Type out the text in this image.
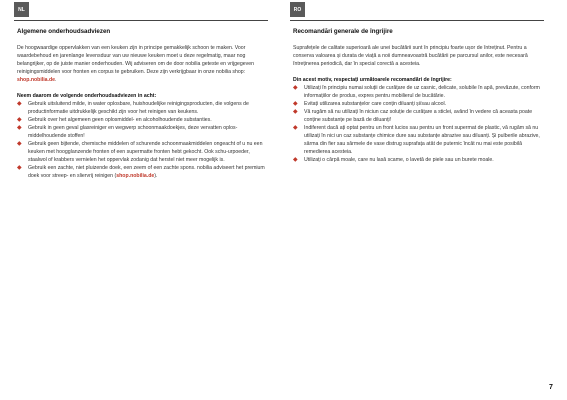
NL
Algemene onderhoudsadviezen
De hoogwaardige oppervlakken van een keuken zijn in principe gemakkelijk schoon te maken. Voor waardebehoud en jarenlange levensduur van uw nieuwe keuken moet u deze regelmatig, maar nog belangrijker, op de juiste manier onderhouden. Wij adviseren om de door nobilia geteste en vrijgegeven reinigingsmiddelen voor fronten en corpus te gebruiken. Deze zijn verkrijgbaar in onze nobilia shop: shop.nobilia.de.
Neem daarom de volgende onderhoudsadviezen in acht:
◆ Gebruik uitsluitend milde, in water oplosbare, huishoudelijke reinigingsproducten, die volgens de productinformatie uitdrukkelijk geschikt zijn voor het reinigen van keukens.
◆ Gebruik over het algemeen geen oplosmiddel- en alcoholhoudende substanties.
◆ Gebruik in geen geval glasreiniger en wegwerp schoonmaakdoekjes, deze vervatten oplos-middelhoudende stoffen!
◆ Gebruik geen bijtende, chemische middelen of schurende schoonmaakmiddelen ongeacht of u nu een keuken met hoogglanzende fronten of een supermatte fronten hebt gekocht. Ook schu-urpoeder, staalwol of krabbers vernielen het oppervlak zodanig dat herstel niet meer mogelijk is.
◆ Gebruik een zachte, niet pluizende doek, een zeem of een zachte spons. nobilia adviseert het premium doek voor streep- en sliervrij reinigen (shop.nobilia.de).
RO
Recomandări generale de îngrijire
Suprafețele de calitate superioară ale unei bucătării sunt în principiu foarte ușor de întreținut. Pentru a conserva valoarea și durata de viață a noii dumneavoastră bucătării pe parcursul anilor, este necesară întreținerea periodică, dar în special corectă a acesteia.
Din acest motiv, respectați următoarele recomandări de îngrijire:
◆ Utilizați în principiu numai soluții de curățare de uz casnic, delicate, solubile în apă, prevăzute, conform informațiilor de produs, expres pentru mobilierul de bucătărie.
◆ Evitați utilizarea substanțelor care conțin diluanți și/sau alcool.
◆ Vă rugăm să nu utilizați în niciun caz soluție de curățare a sticlei, având în vedere că aceasta poate conține substanțe pe bază de diluanți!
◆ Indiferent dacă ați optat pentru un front lucios sau pentru un front supermat de plastic, vă rugăm să nu utilizați în nici un caz substanțe chimice dure sau substanțe abrazive sau diluanți. Și pulberile abrazive, sârma din fier sau sârmele de vase distrug suprafața atât de puternic încât nu mai este posibilă remedierea acesteia.
◆ Utilizați o cârpă moale, care nu lasă scame, o lavetă de piele sau un burete moale.
7
